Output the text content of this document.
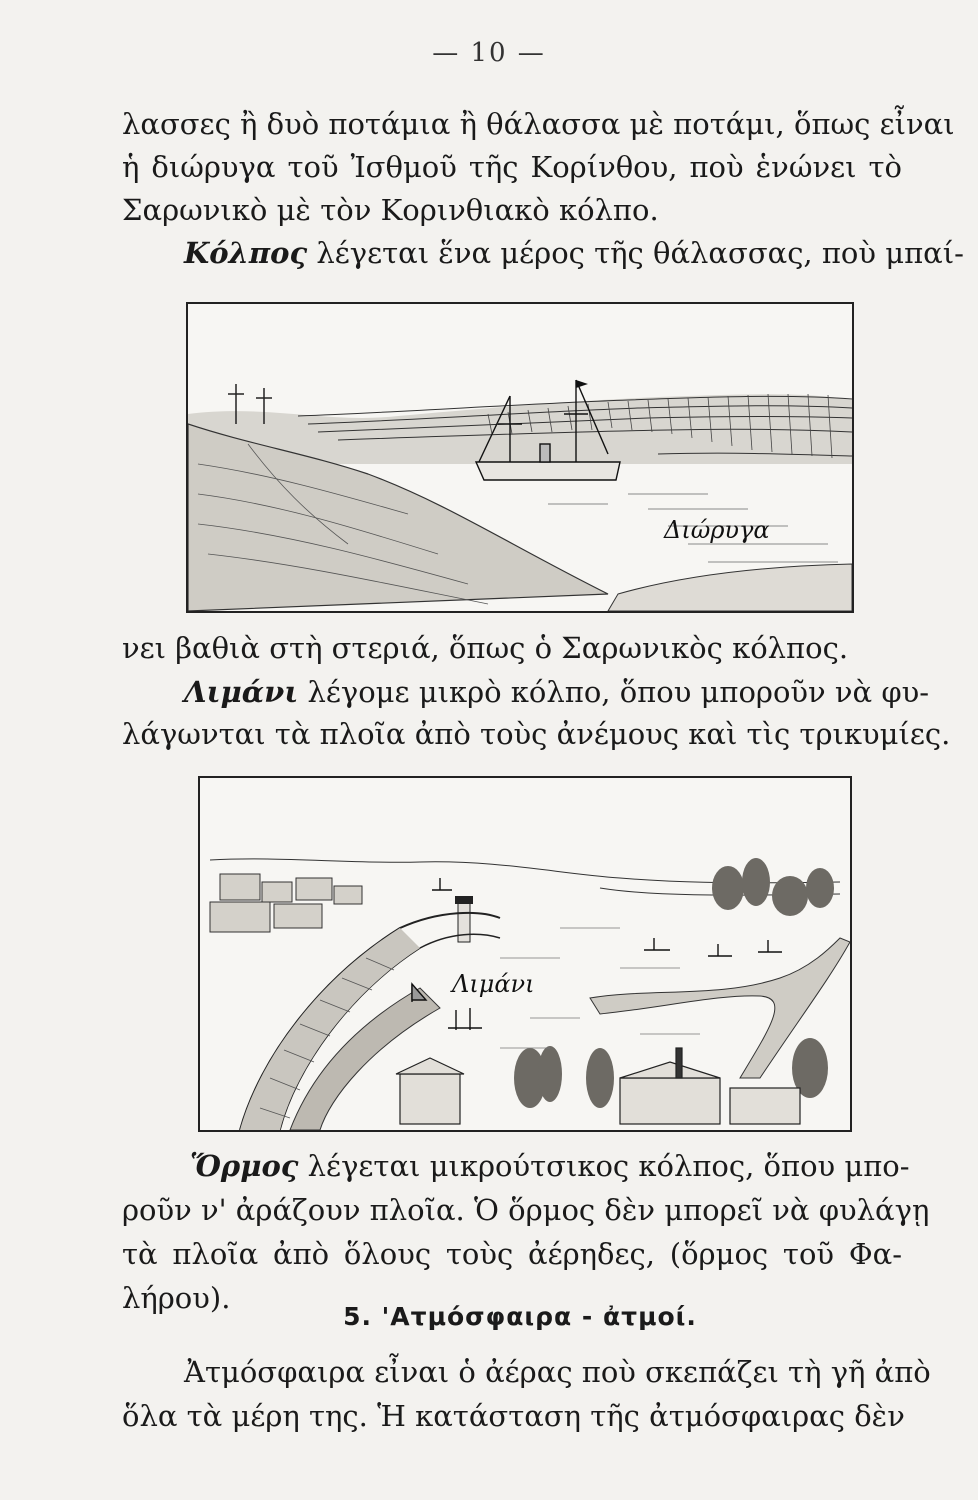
— 10 —
λασσες ἢ δυὸ ποτάμια ἢ θάλασσα μὲ ποτάμι, ὅπως εἶναι
ἡ διώρυγα τοῦ Ἰσθμοῦ τῆς Κορίνθου, ποὺ ἑνώνει τὸ
Σαρωνικὸ μὲ τὸν Κορινθιακὸ κόλπο.
Κόλπος λέγεται ἕνα μέρος τῆς θάλασσας, ποὺ μπαί-
Διώρυγα
νει βαθιὰ στὴ στεριά, ὅπως ὁ Σαρωνικὸς κόλπος.
Λιμάνι λέγομε μικρὸ κόλπο, ὅπου μποροῦν νὰ φυ-
λάγωνται τὰ πλοῖα ἀπὸ τοὺς ἀνέμους καὶ τὶς τρικυμίες.
Λιμάνι
Ὅρμος λέγεται μικρούτσικος κόλπος, ὅπου μπο-
ροῦν ν' ἀράζουν πλοῖα. Ὁ ὅρμος δὲν μπορεῖ νὰ φυλάγῃ
τὰ πλοῖα ἀπὸ ὅλους τοὺς ἀέρηδες, (ὅρμος τοῦ Φα-
λήρου).
5. 'Ατμόσφαιρα - ἀτμοί.
Ἀτμόσφαιρα εἶναι ὁ ἀέρας ποὺ σκεπάζει τὴ γῆ ἀπὸ
ὅλα τὰ μέρη της. Ἡ κατάσταση τῆς ἀτμόσφαιρας δὲν
